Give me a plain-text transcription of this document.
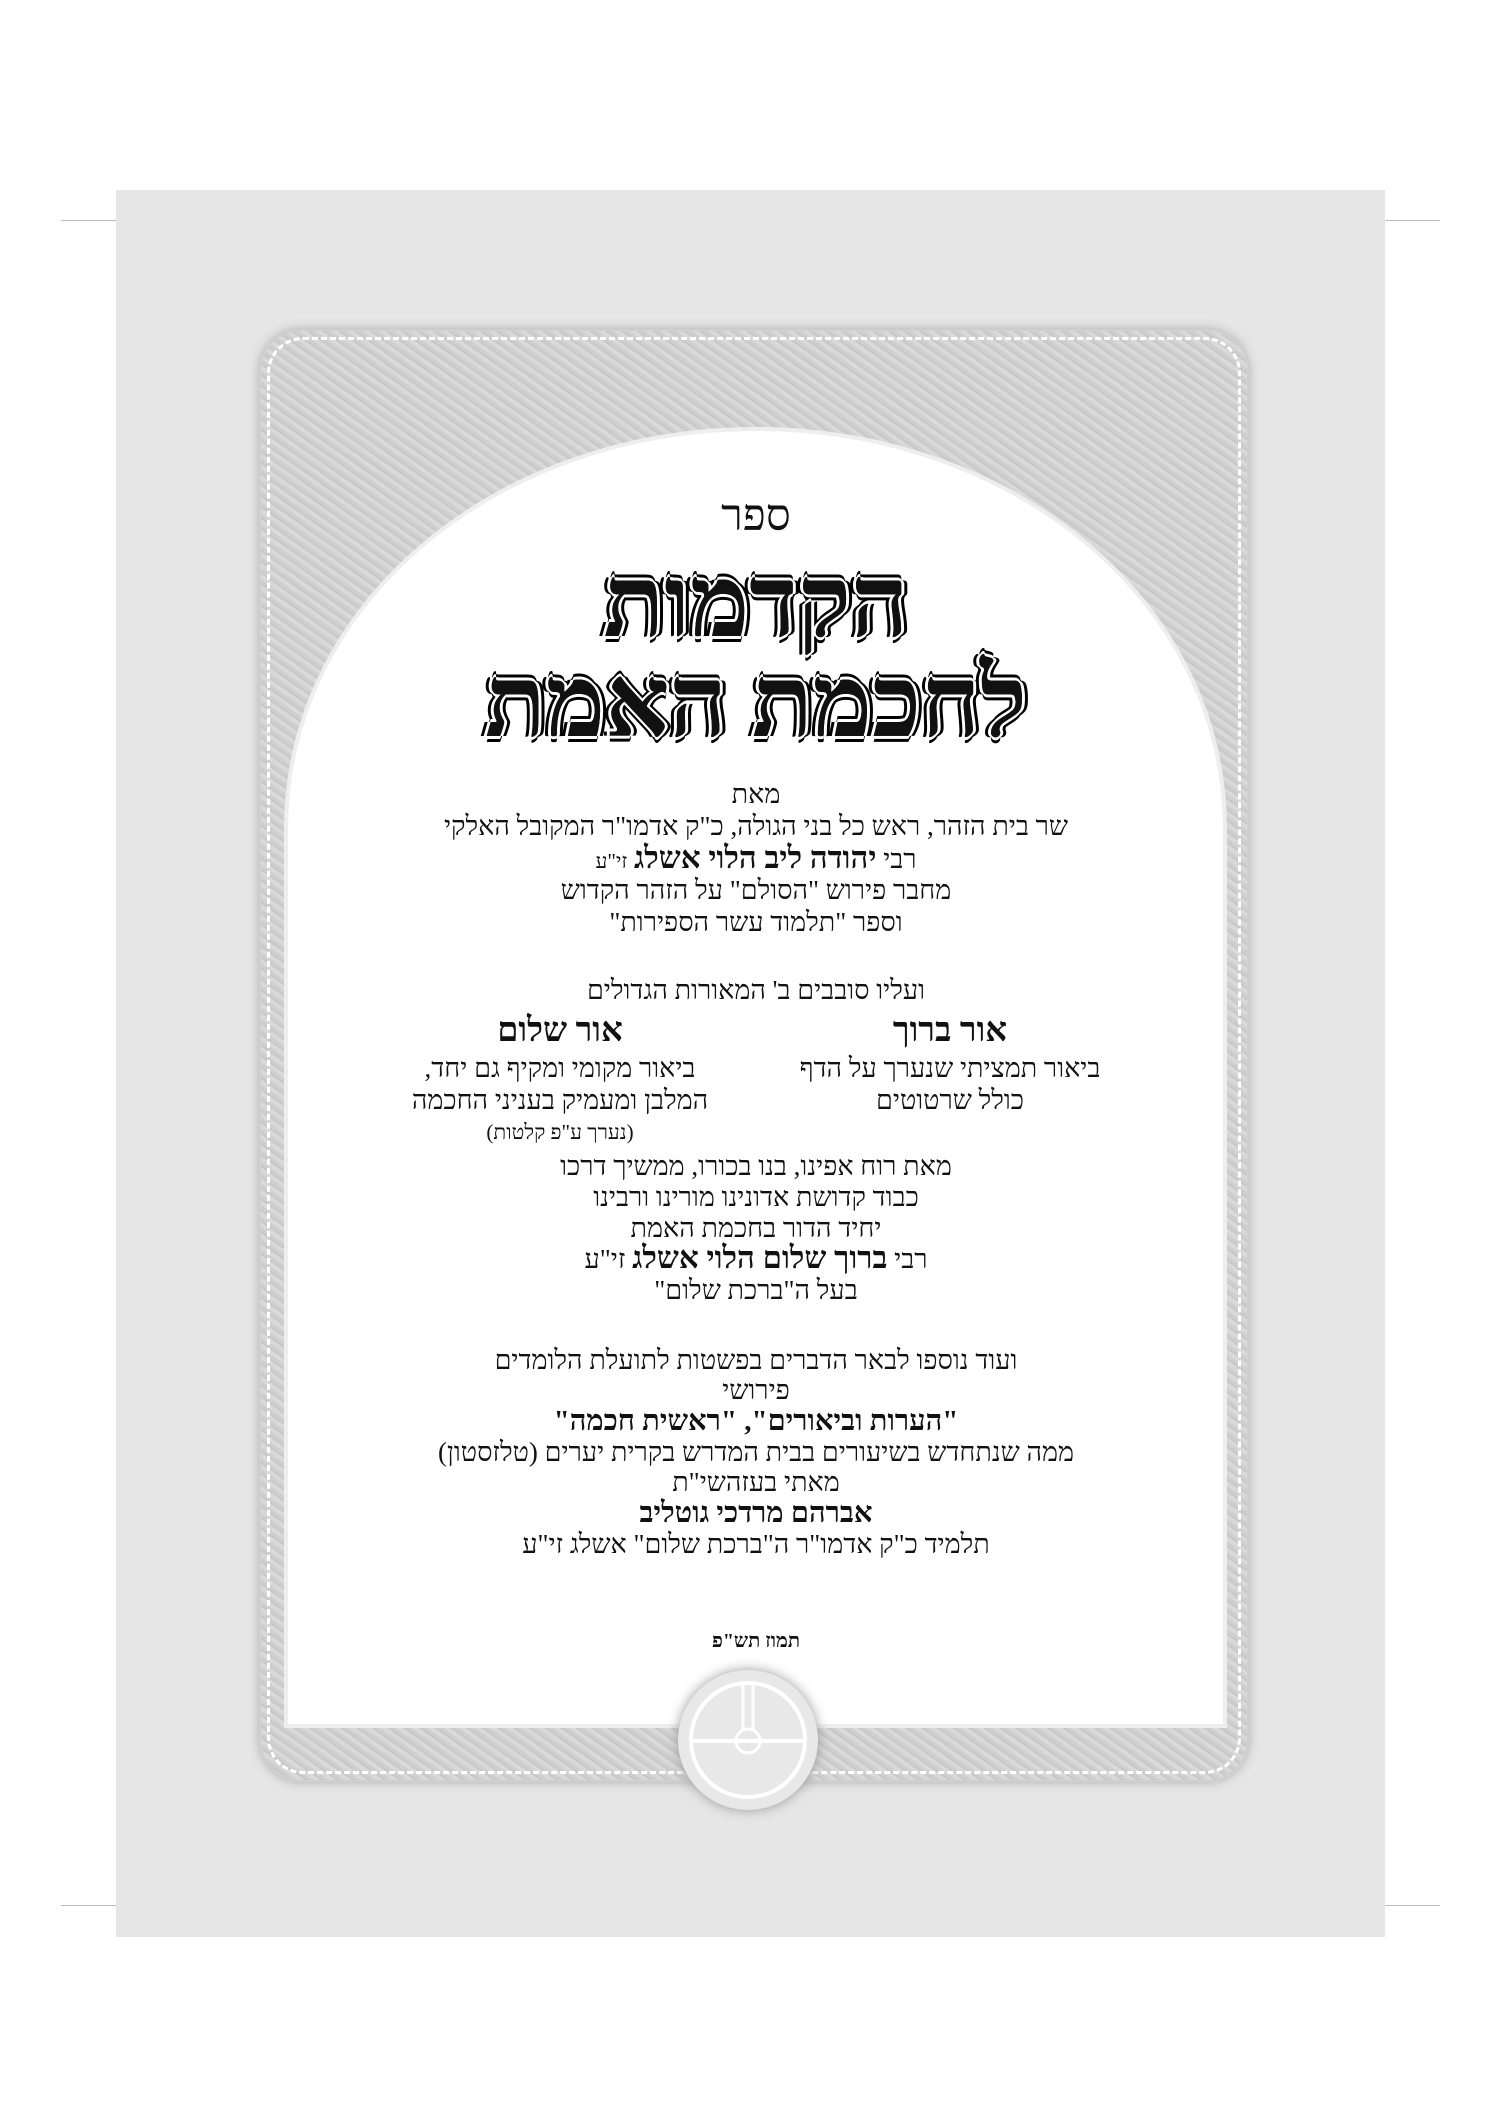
ספר
הקדמות
לחכמת האמת
מאת
שר בית הזהר, ראש כל בני הגולה, כ"ק אדמו"ר המקובל האלקי
רבי יהודה ליב הלוי אשלג זי"ע
מחבר פירוש "הסולם" על הזהר הקדוש
וספר "תלמוד עשר הספירות"
ועליו סובבים ב' המאורות הגדולים
אור ברוך
ביאור תמציתי שנערך על הדף
כולל שרטוטים
אור שלום
ביאור מקומי ומקיף גם יחד,
המלבן ומעמיק בעניני החכמה
(נערך ע"פ קלטות)
מאת רוח אפינו, בנו בכורו, ממשיך דרכו
כבוד קדושת אדונינו מורינו ורבינו
יחיד הדור בחכמת האמת
רבי ברוך שלום הלוי אשלג זי"ע
בעל ה"ברכת שלום"
ועוד נוספו לבאר הדברים בפשטות לתועלת הלומדים
פירושי
"הערות וביאורים", "ראשית חכמה"
ממה שנתחדש בשיעורים בבית המדרש בקרית יערים (טלזסטון)
מאתי בעזהשי"ת
אברהם מרדכי גוטליב
תלמיד כ"ק אדמו"ר ה"ברכת שלום" אשלג זי"ע
תמוז תש"פ
